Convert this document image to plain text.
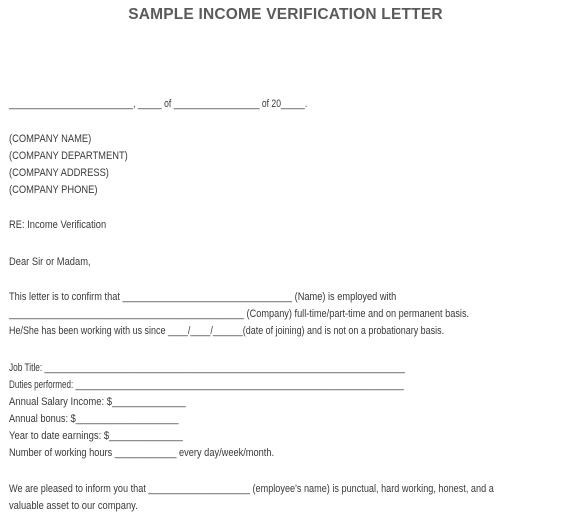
SAMPLE INCOME VERIFICATION LETTER
__________________________, _____ of __________________ of 20_____.
(COMPANY NAME)
(COMPANY DEPARTMENT)
(COMPANY ADDRESS)
(COMPANY PHONE)
RE: Income Verification
Dear Sir or Madam,
This letter is to confirm that _________________________________ (Name) is employed with
______________________________________________ (Company) full-time/part-time and on permanent basis.
He/She has been working with us since ____/____/______(date of joining) and is not on a probationary basis.
Job Title: ______________________________________________________________________________
Duties performed: _________________________________________________________________________
Annual Salary Income: $______________
Annual bonus: $____________________
Year to date earnings: $______________
Number of working hours ____________ every day/week/month.
We are pleased to inform you that ____________________ (employee's name) is punctual, hard working, honest, and a
valuable asset to our company.
